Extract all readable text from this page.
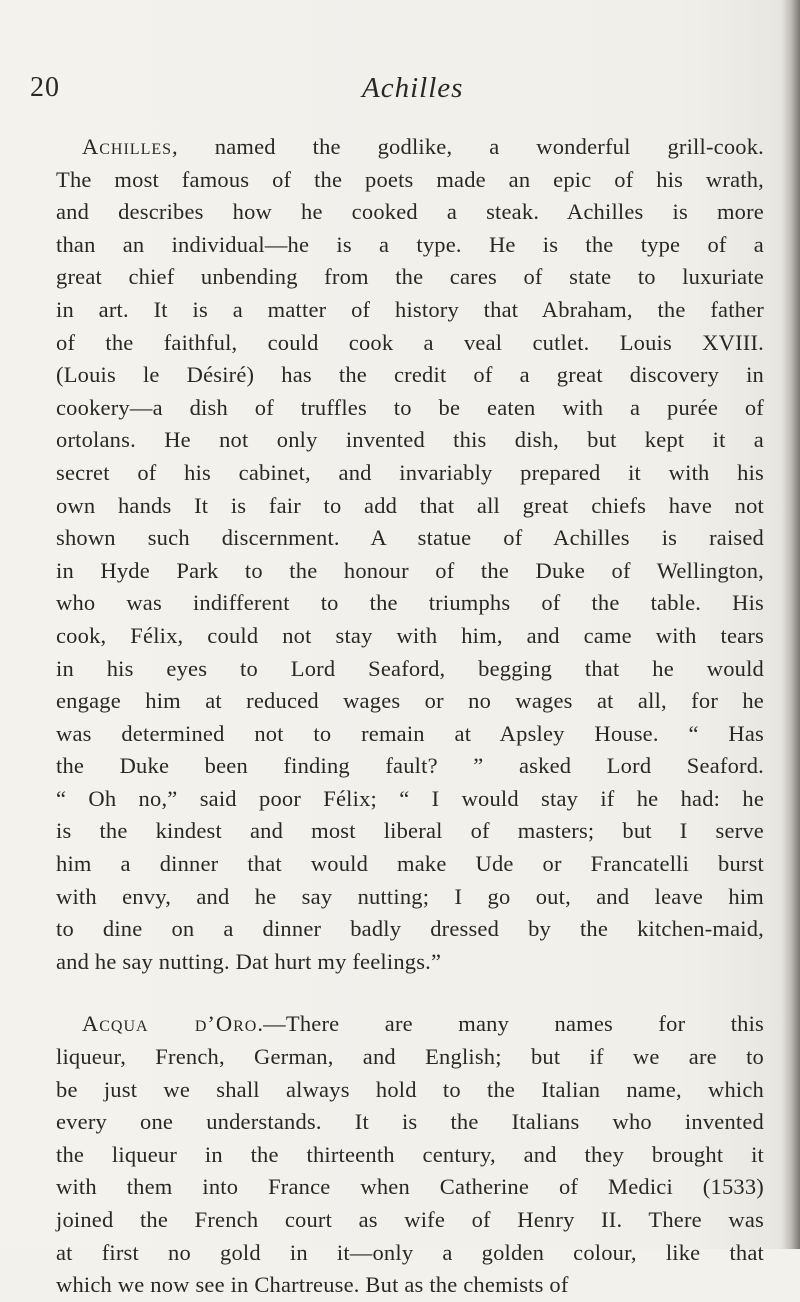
20	Achilles
Achilles, named the godlike, a wonderful grill-cook.
The most famous of the poets made an epic of his wrath,
and describes how he cooked a steak. Achilles is more
than an individual—he is a type. He is the type of a
great chief unbending from the cares of state to luxuriate
in art. It is a matter of history that Abraham, the father
of the faithful, could cook a veal cutlet. Louis XVIII.
(Louis le Désiré) has the credit of a great discovery in
cookery—a dish of truffles to be eaten with a purée of
ortolans. He not only invented this dish, but kept it a
secret of his cabinet, and invariably prepared it with his
own hands It is fair to add that all great chiefs have not
shown such discernment. A statue of Achilles is raised
in Hyde Park to the honour of the Duke of Wellington,
who was indifferent to the triumphs of the table. His
cook, Félix, could not stay with him, and came with tears
in his eyes to Lord Seaford, begging that he would
engage him at reduced wages or no wages at all, for he
was determined not to remain at Apsley House. “ Has
the Duke been finding fault? ” asked Lord Seaford.
“ Oh no,” said poor Félix; “ I would stay if he had: he
is the kindest and most liberal of masters; but I serve
him a dinner that would make Ude or Francatelli burst
with envy, and he say nutting; I go out, and leave him
to dine on a dinner badly dressed by the kitchen-maid,
and he say nutting. Dat hurt my feelings.”
Acqua d’Oro.—There are many names for this
liqueur, French, German, and English; but if we are to
be just we shall always hold to the Italian name, which
every one understands. It is the Italians who invented
the liqueur in the thirteenth century, and they brought it
with them into France when Catherine of Medici (1533)
joined the French court as wife of Henry II. There was
at first no gold in it—only a golden colour, like that
which we now see in Chartreuse. But as the chemists of
